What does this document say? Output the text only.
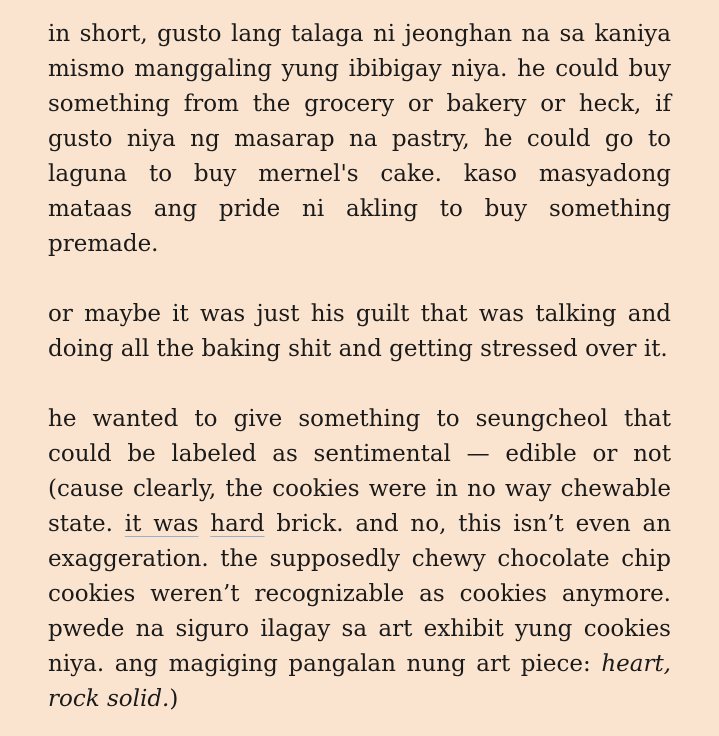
in short, gusto lang talaga ni jeonghan na sa kaniya mismo manggaling yung ibibigay niya. he could buy something from the grocery or bakery or heck, if gusto niya ng masarap na pastry, he could go to laguna to buy mernel's cake. kaso masyadong mataas ang pride ni akling to buy something premade.

or maybe it was just his guilt that was talking and doing all the baking shit and getting stressed over it.

he wanted to give something to seungcheol that could be labeled as sentimental — edible or not (cause clearly, the cookies were in no way chewable state. it was hard brick. and no, this isn’t even an exaggeration. the supposedly chewy chocolate chip cookies weren’t recognizable as cookies anymore. pwede na siguro ilagay sa art exhibit yung cookies niya. ang magiging pangalan nung art piece: heart, rock solid.)
